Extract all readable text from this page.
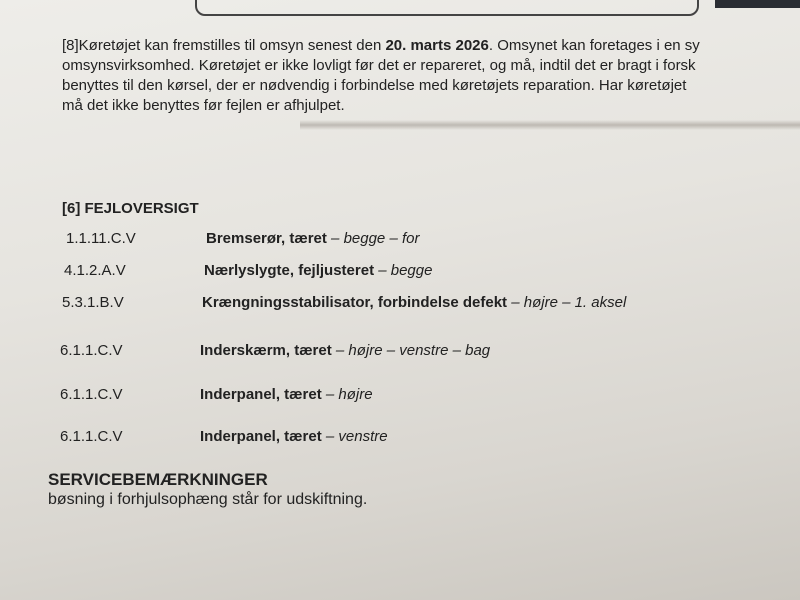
[8]Køretøjet kan fremstilles til omsyn senest den 20. marts 2026. Omsynet kan foretages i en sy
omsynsvirksomhed. Køretøjet er ikke lovligt før det er repareret, og må, indtil det er bragt i forsk
benyttes til den kørsel, der er nødvendig i forbindelse med køretøjets reparation. Har køretøjet
må det ikke benyttes før fejlen er afhjulpet.
[6] FEJLOVERSIGT
1.1.11.C.V	Bremserør, tæret – begge – for
4.1.2.A.V	Nærlyslygte, fejljusteret – begge
5.3.1.B.V	Krængningsstabilisator, forbindelse defekt – højre – 1. aksel
6.1.1.C.V	Inderskærm, tæret – højre – venstre – bag
6.1.1.C.V	Inderpanel, tæret – højre
6.1.1.C.V	Inderpanel, tæret – venstre
SERVICEBEMÆRKNINGER
bøsning i forhjulsophæng står for udskiftning.
